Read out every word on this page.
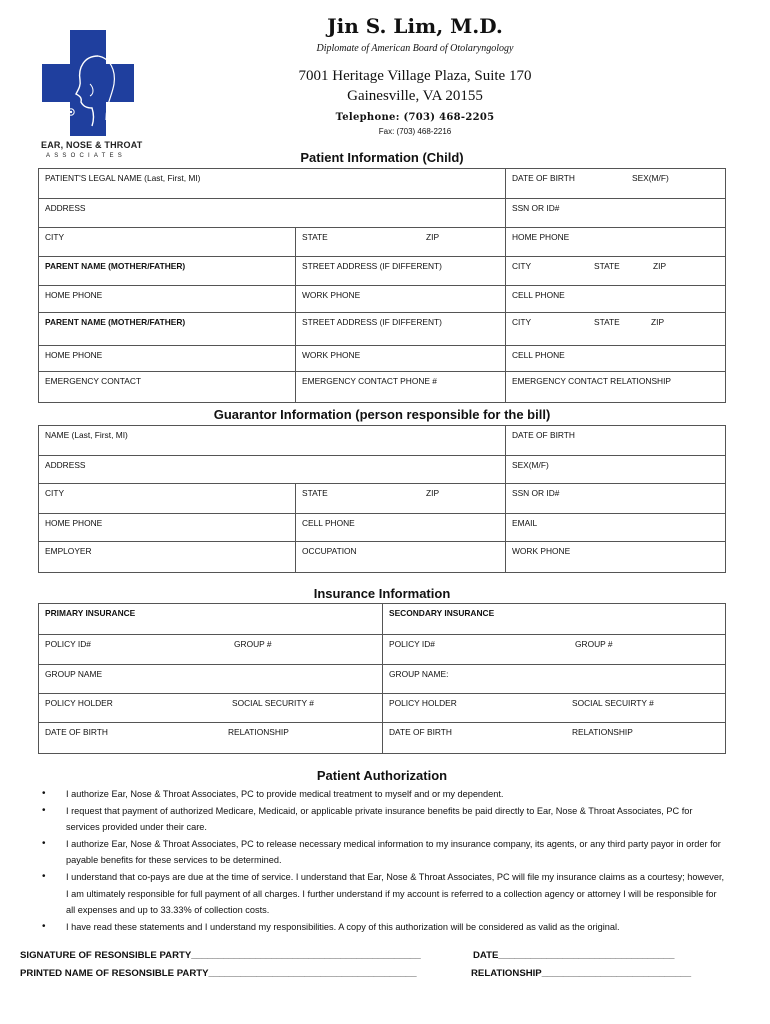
EAR, NOSE & THROAT
ASSOCIATES
Jin S. Lim, M.D.
Diplomate of American Board of Otolaryngology
7001 Heritage Village Plaza, Suite 170
Gainesville, VA 20155
Telephone: (703) 468-2205
Fax: (703) 468-2216
Patient Information (Child)
PATIENT'S LEGAL NAME (Last, First, MI)	DATE OF BIRTH	SEX(M/F)
ADDRESS	SSN OR ID#
CITY	STATE	ZIP	HOME PHONE
PARENT NAME (MOTHER/FATHER)	STREET ADDRESS (IF DIFFERENT)	CITY	STATE	ZIP
HOME PHONE	WORK PHONE	CELL PHONE
PARENT NAME (MOTHER/FATHER)	STREET ADDRESS (IF DIFFERENT)	CITY	STATE	ZIP
HOME PHONE	WORK PHONE	CELL PHONE
EMERGENCY CONTACT	EMERGENCY CONTACT PHONE #	EMERGENCY CONTACT RELATIONSHIP
Guarantor Information (person responsible for the bill)
NAME (Last, First, MI)	DATE OF BIRTH
ADDRESS	SEX(M/F)
CITY	STATE	ZIP	SSN OR ID#
HOME PHONE	CELL PHONE	EMAIL
EMPLOYER	OCCUPATION	WORK PHONE
Insurance Information
PRIMARY INSURANCE	SECONDARY INSURANCE
POLICY ID#	GROUP #	POLICY ID#	GROUP #
GROUP NAME	GROUP NAME:
POLICY HOLDER	SOCIAL SECURITY #	POLICY HOLDER	SOCIAL SECUIRTY #
DATE OF BIRTH	RELATIONSHIP	DATE OF BIRTH	RELATIONSHIP
Patient Authorization
• I authorize Ear, Nose & Throat Associates, PC to provide medical treatment to myself and or my dependent.
• I request that payment of authorized Medicare, Medicaid, or applicable private insurance benefits be paid directly to Ear, Nose & Throat Associates, PC for services provided under their care.
• I authorize Ear, Nose & Throat Associates, PC to release necessary medical information to my insurance company, its agents, or any third party payor in order for payable benefits for these services to be determined.
• I understand that co-pays are due at the time of service. I understand that Ear, Nose & Throat Associates, PC will file my insurance claims as a courtesy; however, I am ultimately responsible for full payment of all charges. I further understand if my account is referred to a collection agency or attorney I will be responsible for all expenses and up to 33.33% of collection costs.
• I have read these statements and I understand my responsibilities. A copy of this authorization will be considered as valid as the original.
SIGNATURE OF RESONSIBLE PARTY___________________________________________	DATE_________________________________
PRINTED NAME OF RESONSIBLE PARTY_______________________________________	RELATIONSHIP____________________________
